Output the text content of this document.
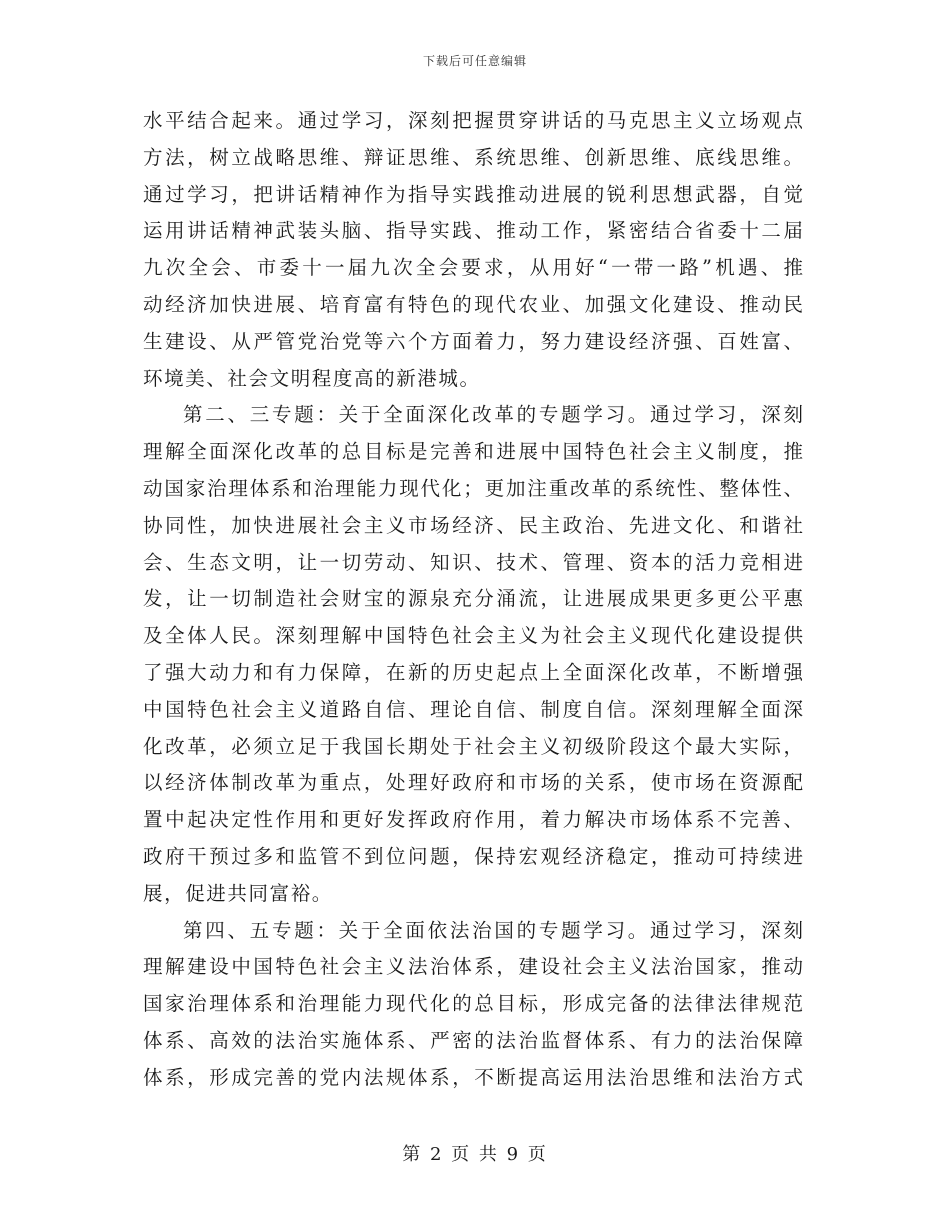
下载后可任意编辑
水平结合起来。通过学习，深刻把握贯穿讲话的马克思主义立场观点
方法，树立战略思维、辩证思维、系统思维、创新思维、底线思维。
通过学习，把讲话精神作为指导实践推动进展的锐利思想武器，自觉
运用讲话精神武装头脑、指导实践、推动工作，紧密结合省委十二届
九次全会、市委十一届九次全会要求，从用好“一带一路”机遇、推
动经济加快进展、培育富有特色的现代农业、加强文化建设、推动民
生建设、从严管党治党等六个方面着力，努力建设经济强、百姓富、
环境美、社会文明程度高的新港城。
第二、三专题：关于全面深化改革的专题学习。通过学习，深刻
理解全面深化改革的总目标是完善和进展中国特色社会主义制度，推
动国家治理体系和治理能力现代化；更加注重改革的系统性、整体性、
协同性，加快进展社会主义市场经济、民主政治、先进文化、和谐社
会、生态文明，让一切劳动、知识、技术、管理、资本的活力竞相进
发，让一切制造社会财宝的源泉充分涌流，让进展成果更多更公平惠
及全体人民。深刻理解中国特色社会主义为社会主义现代化建设提供
了强大动力和有力保障，在新的历史起点上全面深化改革，不断增强
中国特色社会主义道路自信、理论自信、制度自信。深刻理解全面深
化改革，必须立足于我国长期处于社会主义初级阶段这个最大实际，
以经济体制改革为重点，处理好政府和市场的关系，使市场在资源配
置中起决定性作用和更好发挥政府作用，着力解决市场体系不完善、
政府干预过多和监管不到位问题，保持宏观经济稳定，推动可持续进
展，促进共同富裕。
第四、五专题：关于全面依法治国的专题学习。通过学习，深刻
理解建设中国特色社会主义法治体系，建设社会主义法治国家，推动
国家治理体系和治理能力现代化的总目标，形成完备的法律法律规范
体系、高效的法治实施体系、严密的法治监督体系、有力的法治保障
体系，形成完善的党内法规体系，不断提高运用法治思维和法治方式
第 2 页 共 9 页
